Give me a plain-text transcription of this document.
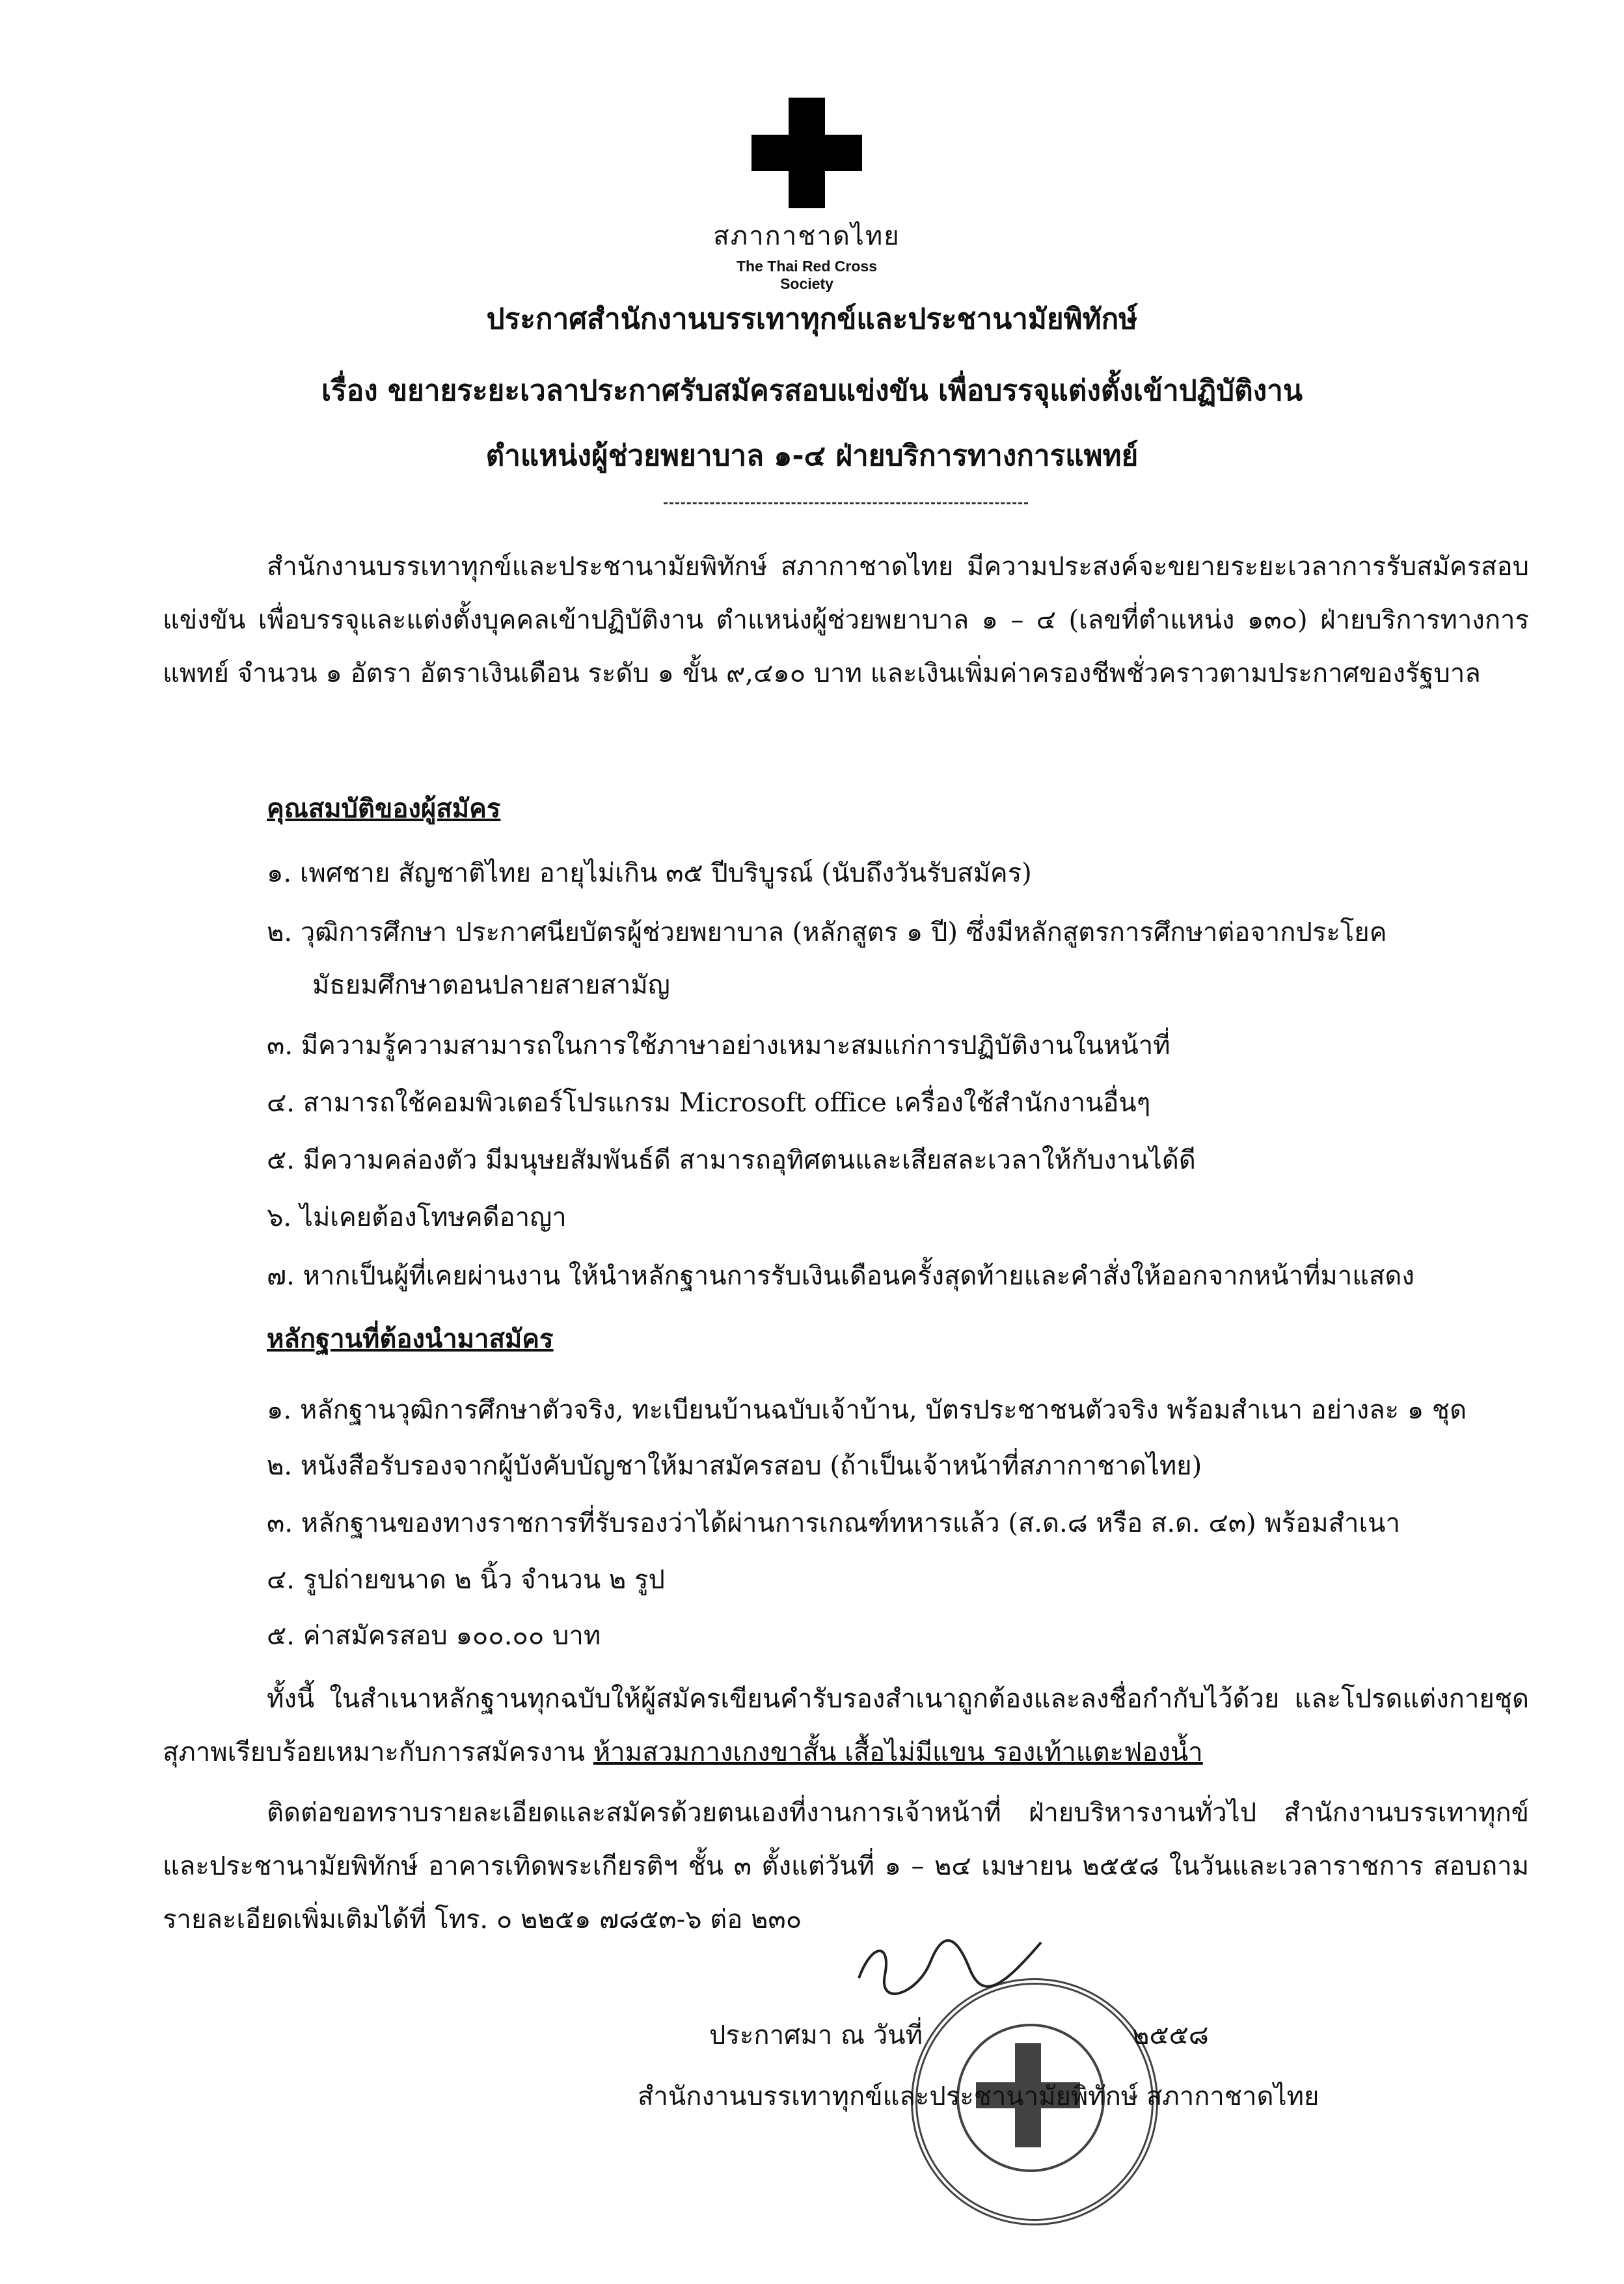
สภากาชาดไทย
The Thai Red Cross Society
ประกาศสำนักงานบรรเทาทุกข์และประชานามัยพิทักษ์
เรื่อง ขยายระยะเวลาประกาศรับสมัครสอบแข่งขัน เพื่อบรรจุแต่งตั้งเข้าปฏิบัติงาน
ตำแหน่งผู้ช่วยพยาบาล ๑-๔ ฝ่ายบริการทางการแพทย์
สำนักงานบรรเทาทุกข์และประชานามัยพิทักษ์ สภากาชาดไทย มีความประสงค์จะขยายระยะเวลาการรับสมัครสอบแข่งขัน เพื่อบรรจุและแต่งตั้งบุคคลเข้าปฏิบัติงาน ตำแหน่งผู้ช่วยพยาบาล ๑ – ๔ (เลขที่ตำแหน่ง ๑๓๐) ฝ่ายบริการทางการแพทย์ จำนวน ๑ อัตรา อัตราเงินเดือน ระดับ ๑ ขั้น ๙,๔๑๐ บาท และเงินเพิ่มค่าครองชีพชั่วคราวตามประกาศของรัฐบาล
คุณสมบัติของผู้สมัคร
๑. เพศชาย สัญชาติไทย อายุไม่เกิน ๓๕ ปีบริบูรณ์ (นับถึงวันรับสมัคร)
๒. วุฒิการศึกษา ประกาศนียบัตรผู้ช่วยพยาบาล (หลักสูตร ๑ ปี) ซึ่งมีหลักสูตรการศึกษาต่อจากประโยค
มัธยมศึกษาตอนปลายสายสามัญ
๓. มีความรู้ความสามารถในการใช้ภาษาอย่างเหมาะสมแก่การปฏิบัติงานในหน้าที่
๔. สามารถใช้คอมพิวเตอร์โปรแกรม Microsoft office เครื่องใช้สำนักงานอื่นๆ
๕. มีความคล่องตัว มีมนุษยสัมพันธ์ดี สามารถอุทิศตนและเสียสละเวลาให้กับงานได้ดี
๖. ไม่เคยต้องโทษคดีอาญา
๗. หากเป็นผู้ที่เคยผ่านงาน ให้นำหลักฐานการรับเงินเดือนครั้งสุดท้ายและคำสั่งให้ออกจากหน้าที่มาแสดง
หลักฐานที่ต้องนำมาสมัคร
๑. หลักฐานวุฒิการศึกษาตัวจริง, ทะเบียนบ้านฉบับเจ้าบ้าน, บัตรประชาชนตัวจริง พร้อมสำเนา อย่างละ ๑ ชุด
๒. หนังสือรับรองจากผู้บังคับบัญชาให้มาสมัครสอบ (ถ้าเป็นเจ้าหน้าที่สภากาชาดไทย)
๓. หลักฐานของทางราชการที่รับรองว่าได้ผ่านการเกณฑ์ทหารแล้ว (ส.ด.๘ หรือ ส.ด. ๔๓) พร้อมสำเนา
๔. รูปถ่ายขนาด ๒ นิ้ว จำนวน ๒ รูป
๕. ค่าสมัครสอบ ๑๐๐.๐๐ บาท
ทั้งนี้ ในสำเนาหลักฐานทุกฉบับให้ผู้สมัครเขียนคำรับรองสำเนาถูกต้องและลงชื่อกำกับไว้ด้วย และโปรดแต่งกายชุดสุภาพเรียบร้อยเหมาะกับการสมัครงาน ห้ามสวมกางเกงขาสั้น เสื้อไม่มีแขน รองเท้าแตะฟองน้ำ
ติดต่อขอทราบรายละเอียดและสมัครด้วยตนเองที่งานการเจ้าหน้าที่ ฝ่ายบริหารงานทั่วไป สำนักงานบรรเทาทุกข์และประชานามัยพิทักษ์ อาคารเทิดพระเกียรติฯ ชั้น ๓ ตั้งแต่วันที่ ๑ – ๒๔ เมษายน ๒๕๕๘ ในวันและเวลาราชการ สอบถามรายละเอียดเพิ่มเติมได้ที่ โทร. ๐ ๒๒๕๑ ๗๘๕๓-๖ ต่อ ๒๓๐
ประกาศมา ณ วันที่	๒๕๕๘
สำนักงานบรรเทาทุกข์และประชานามัยพิทักษ์ สภากาชาดไทย
